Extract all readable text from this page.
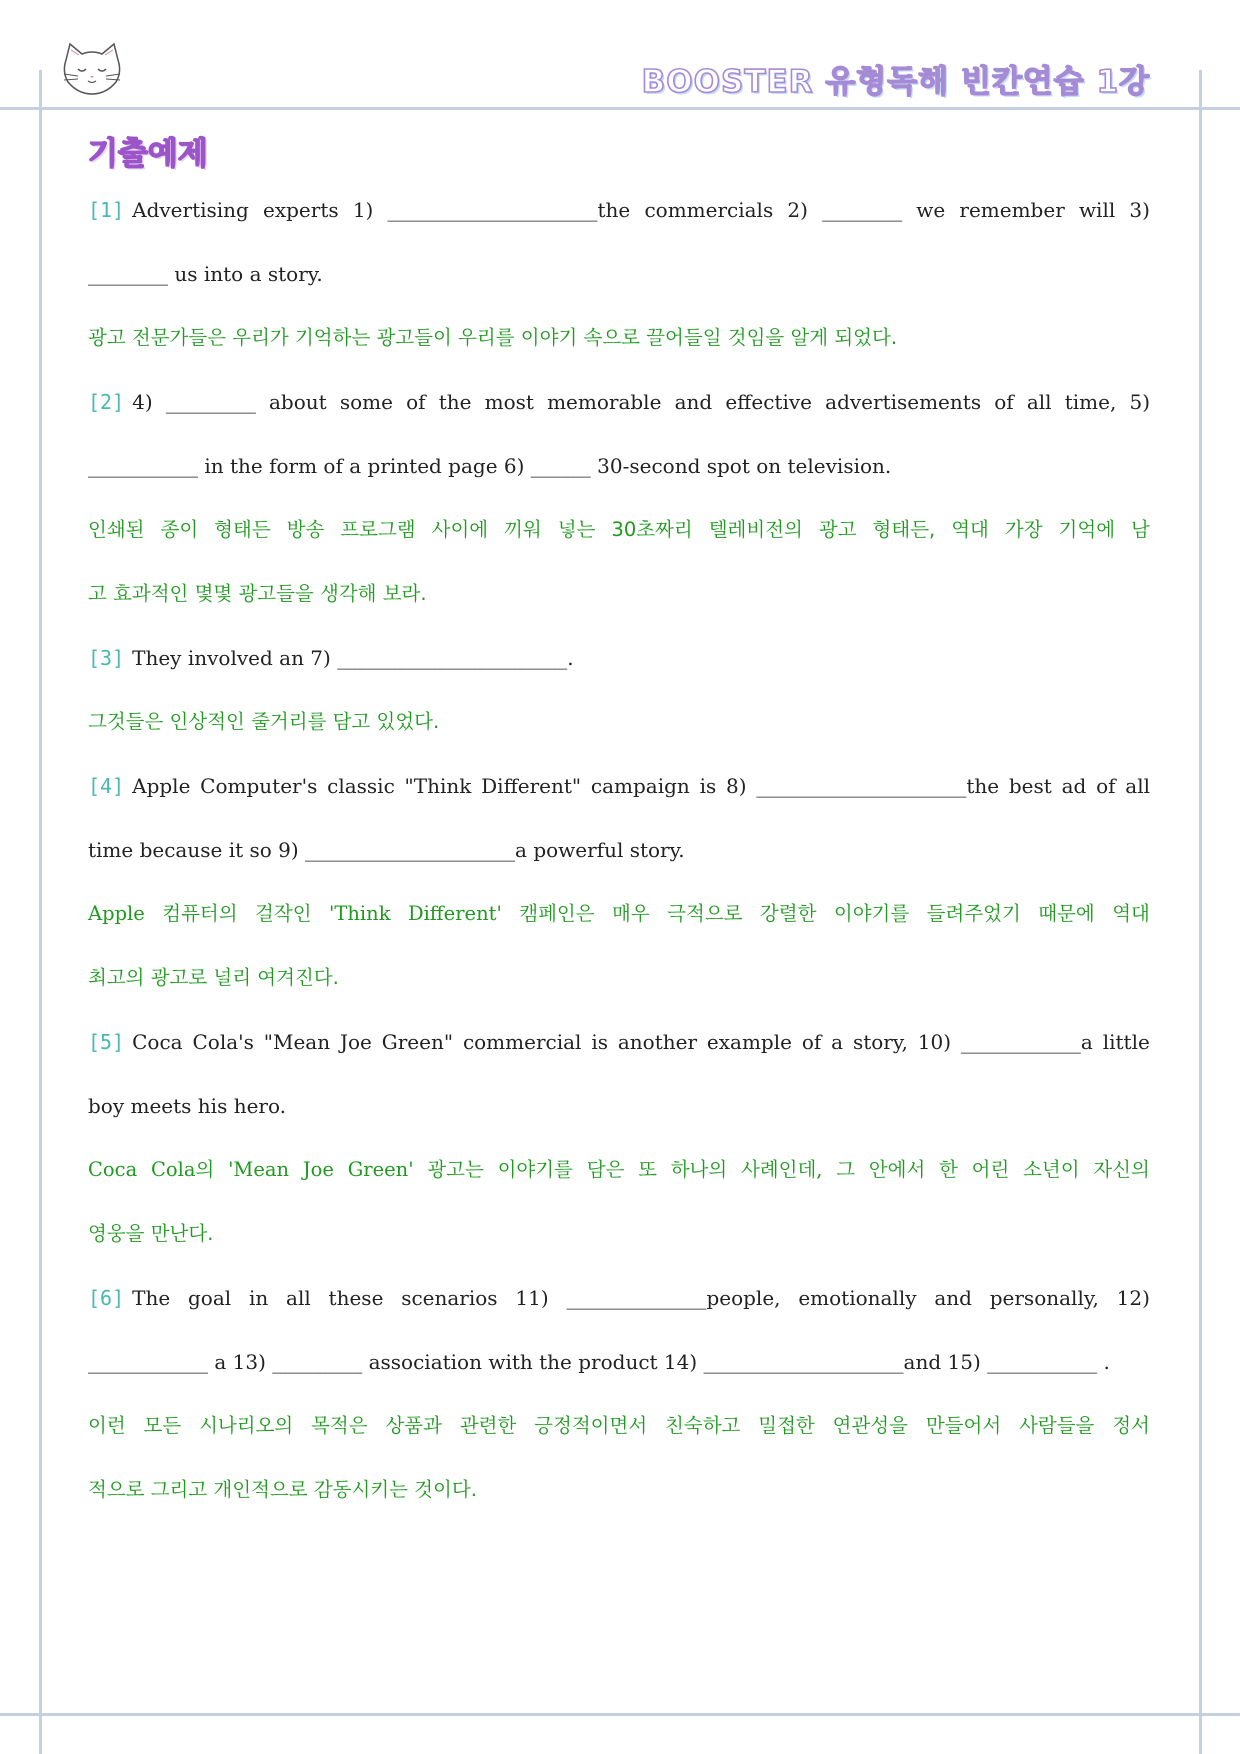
BOOSTER 유형독해 빈칸연습 1강
기출예제
[1] Advertising experts 1) _____________________the commercials 2) ________ we remember will 3)
________ us into a story.
광고 전문가들은 우리가 기억하는 광고들이 우리를 이야기 속으로 끌어들일 것임을 알게 되었다.
[2] 4) _________ about some of the most memorable and effective advertisements of all time, 5)
___________ in the form of a printed page 6) ______ 30-second spot on television.
인쇄된 종이 형태든 방송 프로그램 사이에 끼워 넣는 30초짜리 텔레비전의 광고 형태든, 역대 가장 기억에 남
고 효과적인 몇몇 광고들을 생각해 보라.
[3] They involved an 7) _______________________.
그것들은 인상적인 줄거리를 담고 있었다.
[4] Apple Computer's classic "Think Different" campaign is 8) _____________________the best ad of all
time because it so 9) _____________________a powerful story.
Apple 컴퓨터의 걸작인 'Think Different' 캠페인은 매우 극적으로 강렬한 이야기를 들려주었기 때문에 역대
최고의 광고로 널리 여겨진다.
[5] Coca Cola's "Mean Joe Green" commercial is another example of a story, 10) ____________a little
boy meets his hero.
Coca Cola의 'Mean Joe Green' 광고는 이야기를 담은 또 하나의 사례인데, 그 안에서 한 어린 소년이 자신의
영웅을 만난다.
[6] The goal in all these scenarios 11) ______________people, emotionally and personally, 12)
____________ a 13) _________ association with the product 14) ____________________and 15) ___________ .
이런 모든 시나리오의 목적은 상품과 관련한 긍정적이면서 친숙하고 밀접한 연관성을 만들어서 사람들을 정서
적으로 그리고 개인적으로 감동시키는 것이다.
